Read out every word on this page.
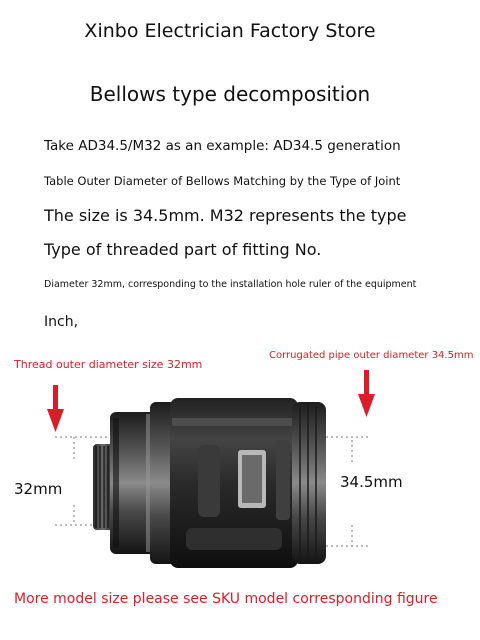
Xinbo Electrician Factory Store
Bellows type decomposition
Take AD34.5/M32 as an example: AD34.5 generation
Table Outer Diameter of Bellows Matching by the Type of Joint
The size is 34.5mm. M32 represents the type
Type of threaded part of fitting No.
Diameter 32mm, corresponding to the installation hole ruler of the equipment
Inch,
Thread outer diameter size 32mm
Corrugated pipe outer diameter 34.5mm
32mm	34.5mm
More model size please see SKU model corresponding figure
